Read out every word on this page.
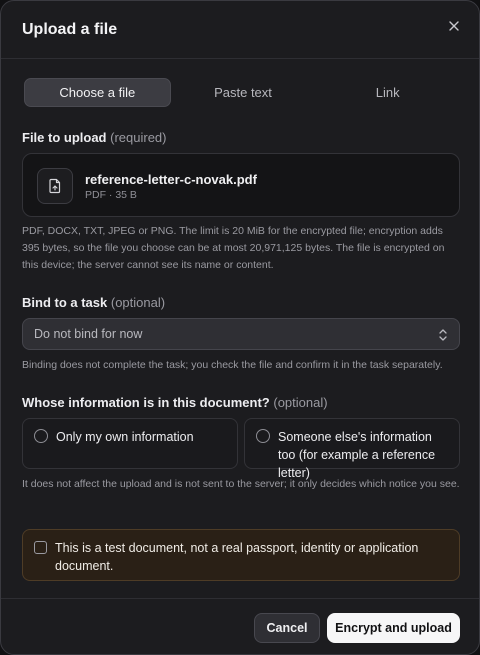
Upload a file
Choose a file	Paste text	Link
File to upload (required)
reference-letter-c-novak.pdf
PDF · 35 B
PDF, DOCX, TXT, JPEG or PNG. The limit is 20 MiB for the encrypted file; encryption adds 395 bytes, so the file you choose can be at most 20,971,125 bytes. The file is encrypted on this device; the server cannot see its name or content.
Bind to a task (optional)
Do not bind for now
Binding does not complete the task; you check the file and confirm it in the task separately.
Whose information is in this document? (optional)
Only my own information	Someone else's information too (for example a reference letter)
It does not affect the upload and is not sent to the server; it only decides which notice you see.
This is a test document, not a real passport, identity or application document.
Cancel	Encrypt and upload
